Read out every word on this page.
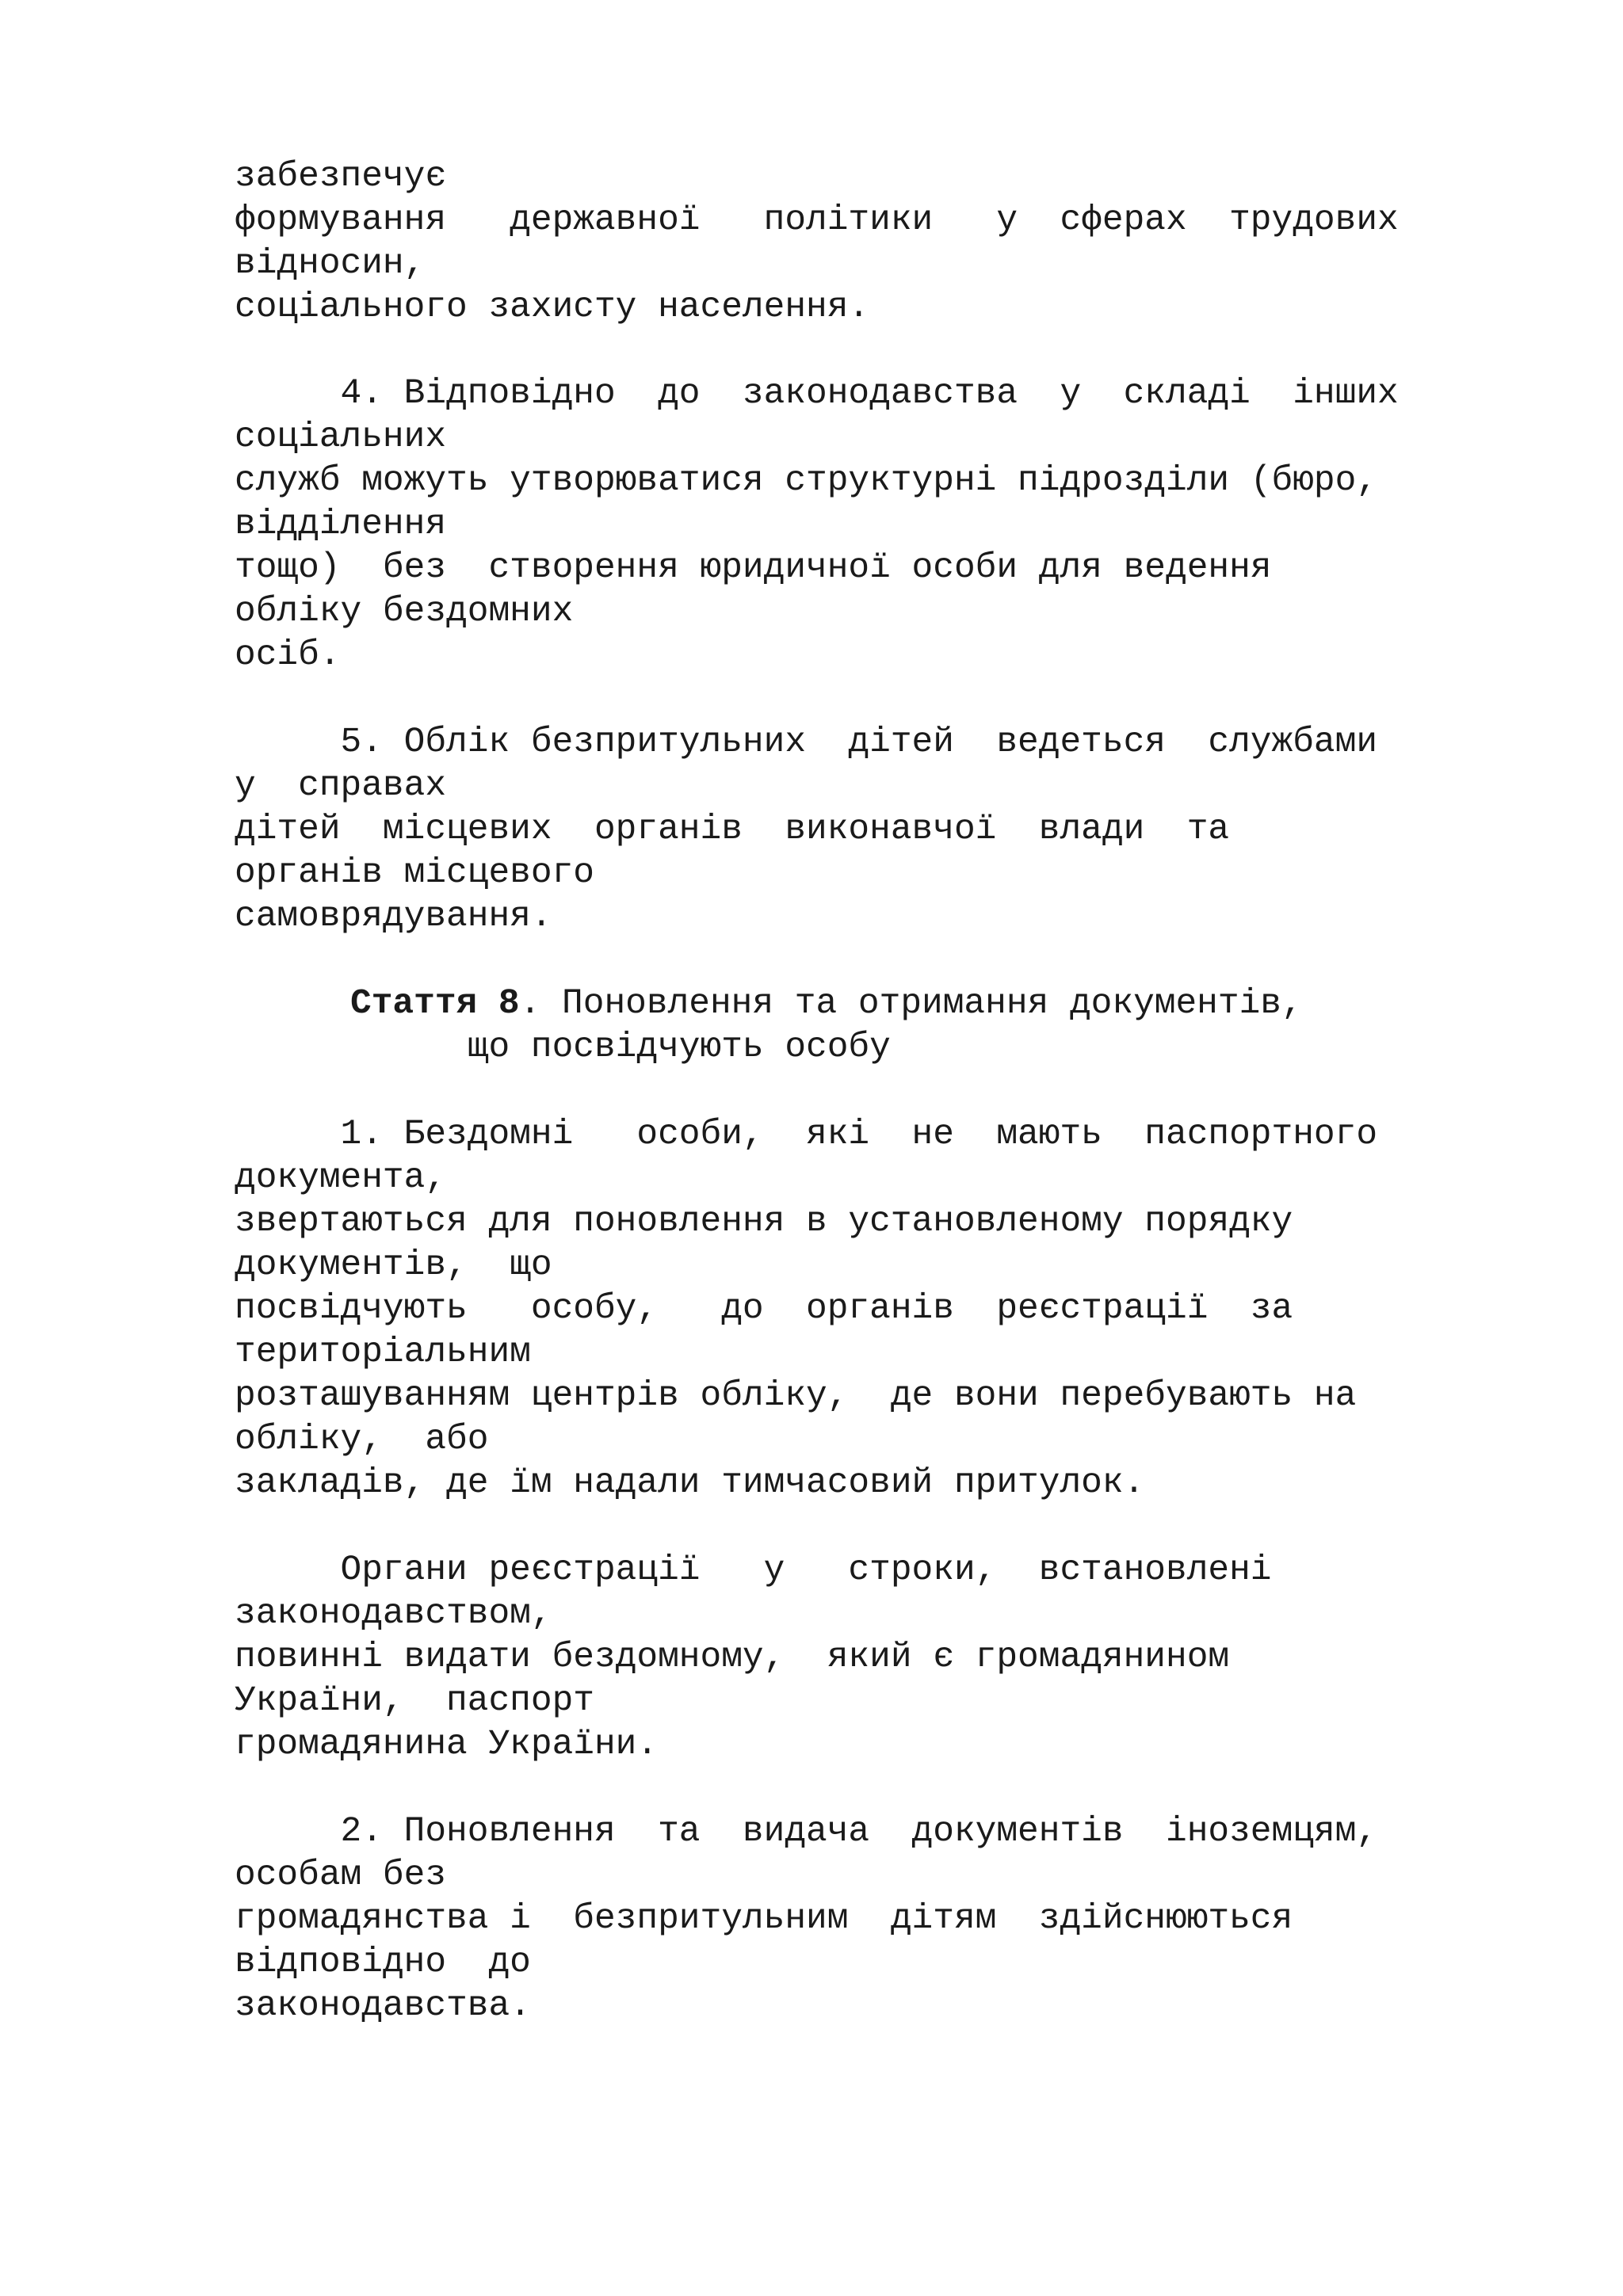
забезпечує

формування   державної   політики   у  сферах  трудових

відносин,

соціального захисту населення.

4. Відповідно  до  законодавства  у  складі  інших

соціальних

служб можуть утворюватися структурні підрозділи (бюро,

відділення

тощо)  без  створення юридичної особи для ведення

обліку бездомних

осіб.

5. Облік безпритульних  дітей  ведеться  службами

у  справах

дітей  місцевих  органів  виконавчої  влади  та

органів місцевого

самоврядування.

Стаття 8. Поновлення та отримання документів,

що посвідчують особу

1. Бездомні   особи,  які  не  мають  паспортного

документа,

звертаються для поновлення в установленому порядку

документів,  що

посвідчують   особу,   до  органів  реєстрації  за

територіальним

розташуванням центрів обліку,  де вони перебувають на

обліку,  або

закладів, де їм надали тимчасовий притулок.

Органи реєстрації   у   строки,  встановлені

законодавством,

повинні видати бездомному,  який є громадянином

України,  паспорт

громадянина України.

2. Поновлення  та  видача  документів  іноземцям,

особам без

громадянства і  безпритульним  дітям  здійснюються

відповідно  до

законодавства.
